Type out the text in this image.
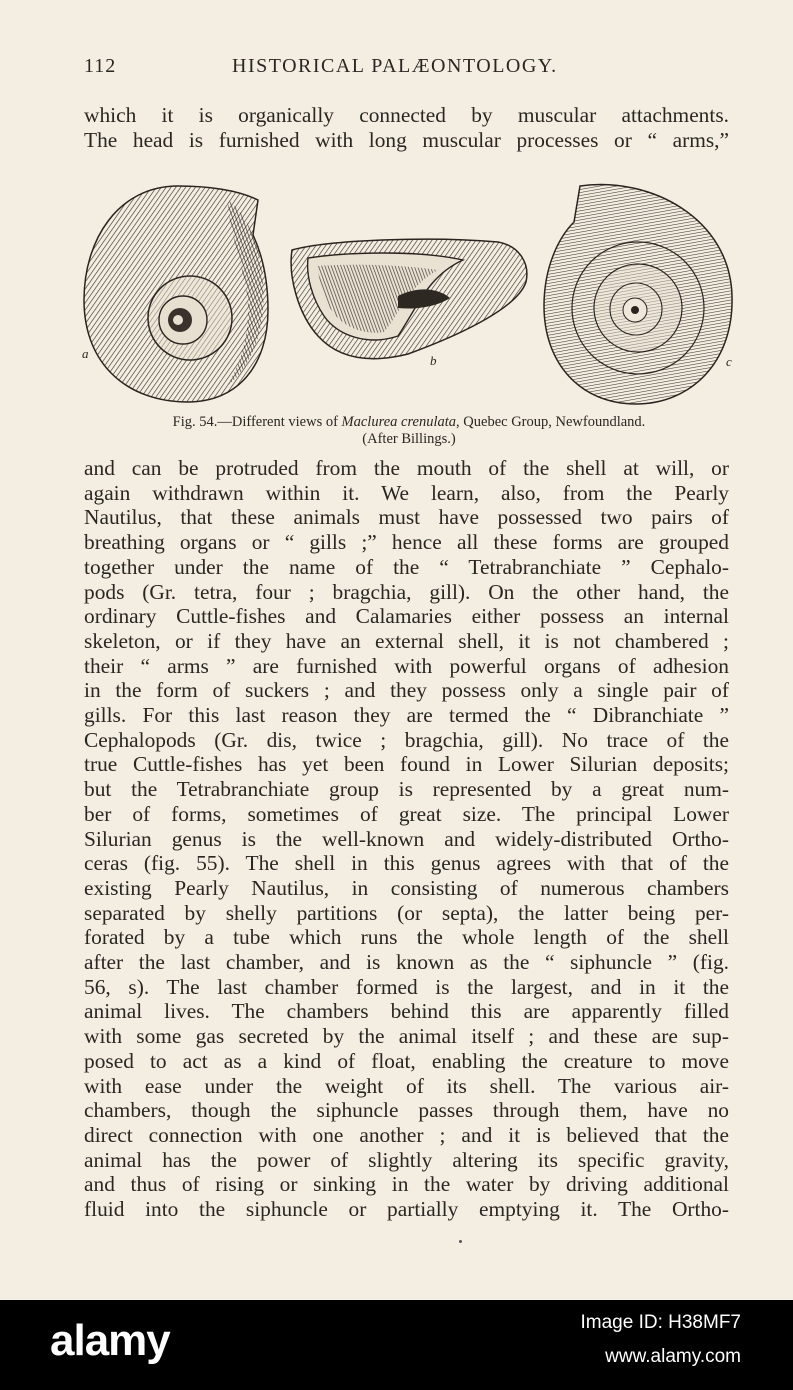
112	HISTORICAL PALÆONTOLOGY.

which it is organically connected by muscular attachments.
The head is furnished with long muscular processes or “ arms,”

a	b	c
Fig. 54.—Different views of Maclurea crenulata, Quebec Group, Newfoundland.
(After Billings.)

and can be protruded from the mouth of the shell at will, or
again withdrawn within it. We learn, also, from the Pearly
Nautilus, that these animals must have possessed two pairs of
breathing organs or “ gills ;” hence all these forms are grouped
together under the name of the “ Tetrabranchiate ” Cephalo-
pods (Gr. tetra, four ; bragchia, gill). On the other hand, the
ordinary Cuttle-fishes and Calamaries either possess an internal
skeleton, or if they have an external shell, it is not chambered ;
their “ arms ” are furnished with powerful organs of adhesion
in the form of suckers ; and they possess only a single pair of
gills. For this last reason they are termed the “ Dibranchiate ”
Cephalopods (Gr. dis, twice ; bragchia, gill). No trace of the
true Cuttle-fishes has yet been found in Lower Silurian deposits;
but the Tetrabranchiate group is represented by a great num-
ber of forms, sometimes of great size. The principal Lower
Silurian genus is the well-known and widely-distributed Ortho-
ceras (fig. 55). The shell in this genus agrees with that of the
existing Pearly Nautilus, in consisting of numerous chambers
separated by shelly partitions (or septa), the latter being per-
forated by a tube which runs the whole length of the shell
after the last chamber, and is known as the “ siphuncle ” (fig.
56, s). The last chamber formed is the largest, and in it the
animal lives. The chambers behind this are apparently filled
with some gas secreted by the animal itself ; and these are sup-
posed to act as a kind of float, enabling the creature to move
with ease under the weight of its shell. The various air-
chambers, though the siphuncle passes through them, have no
direct connection with one another ; and it is believed that the
animal has the power of slightly altering its specific gravity,
and thus of rising or sinking in the water by driving additional
fluid into the siphuncle or partially emptying it. The Ortho-

alamy	Image ID: H38MF7
www.alamy.com
